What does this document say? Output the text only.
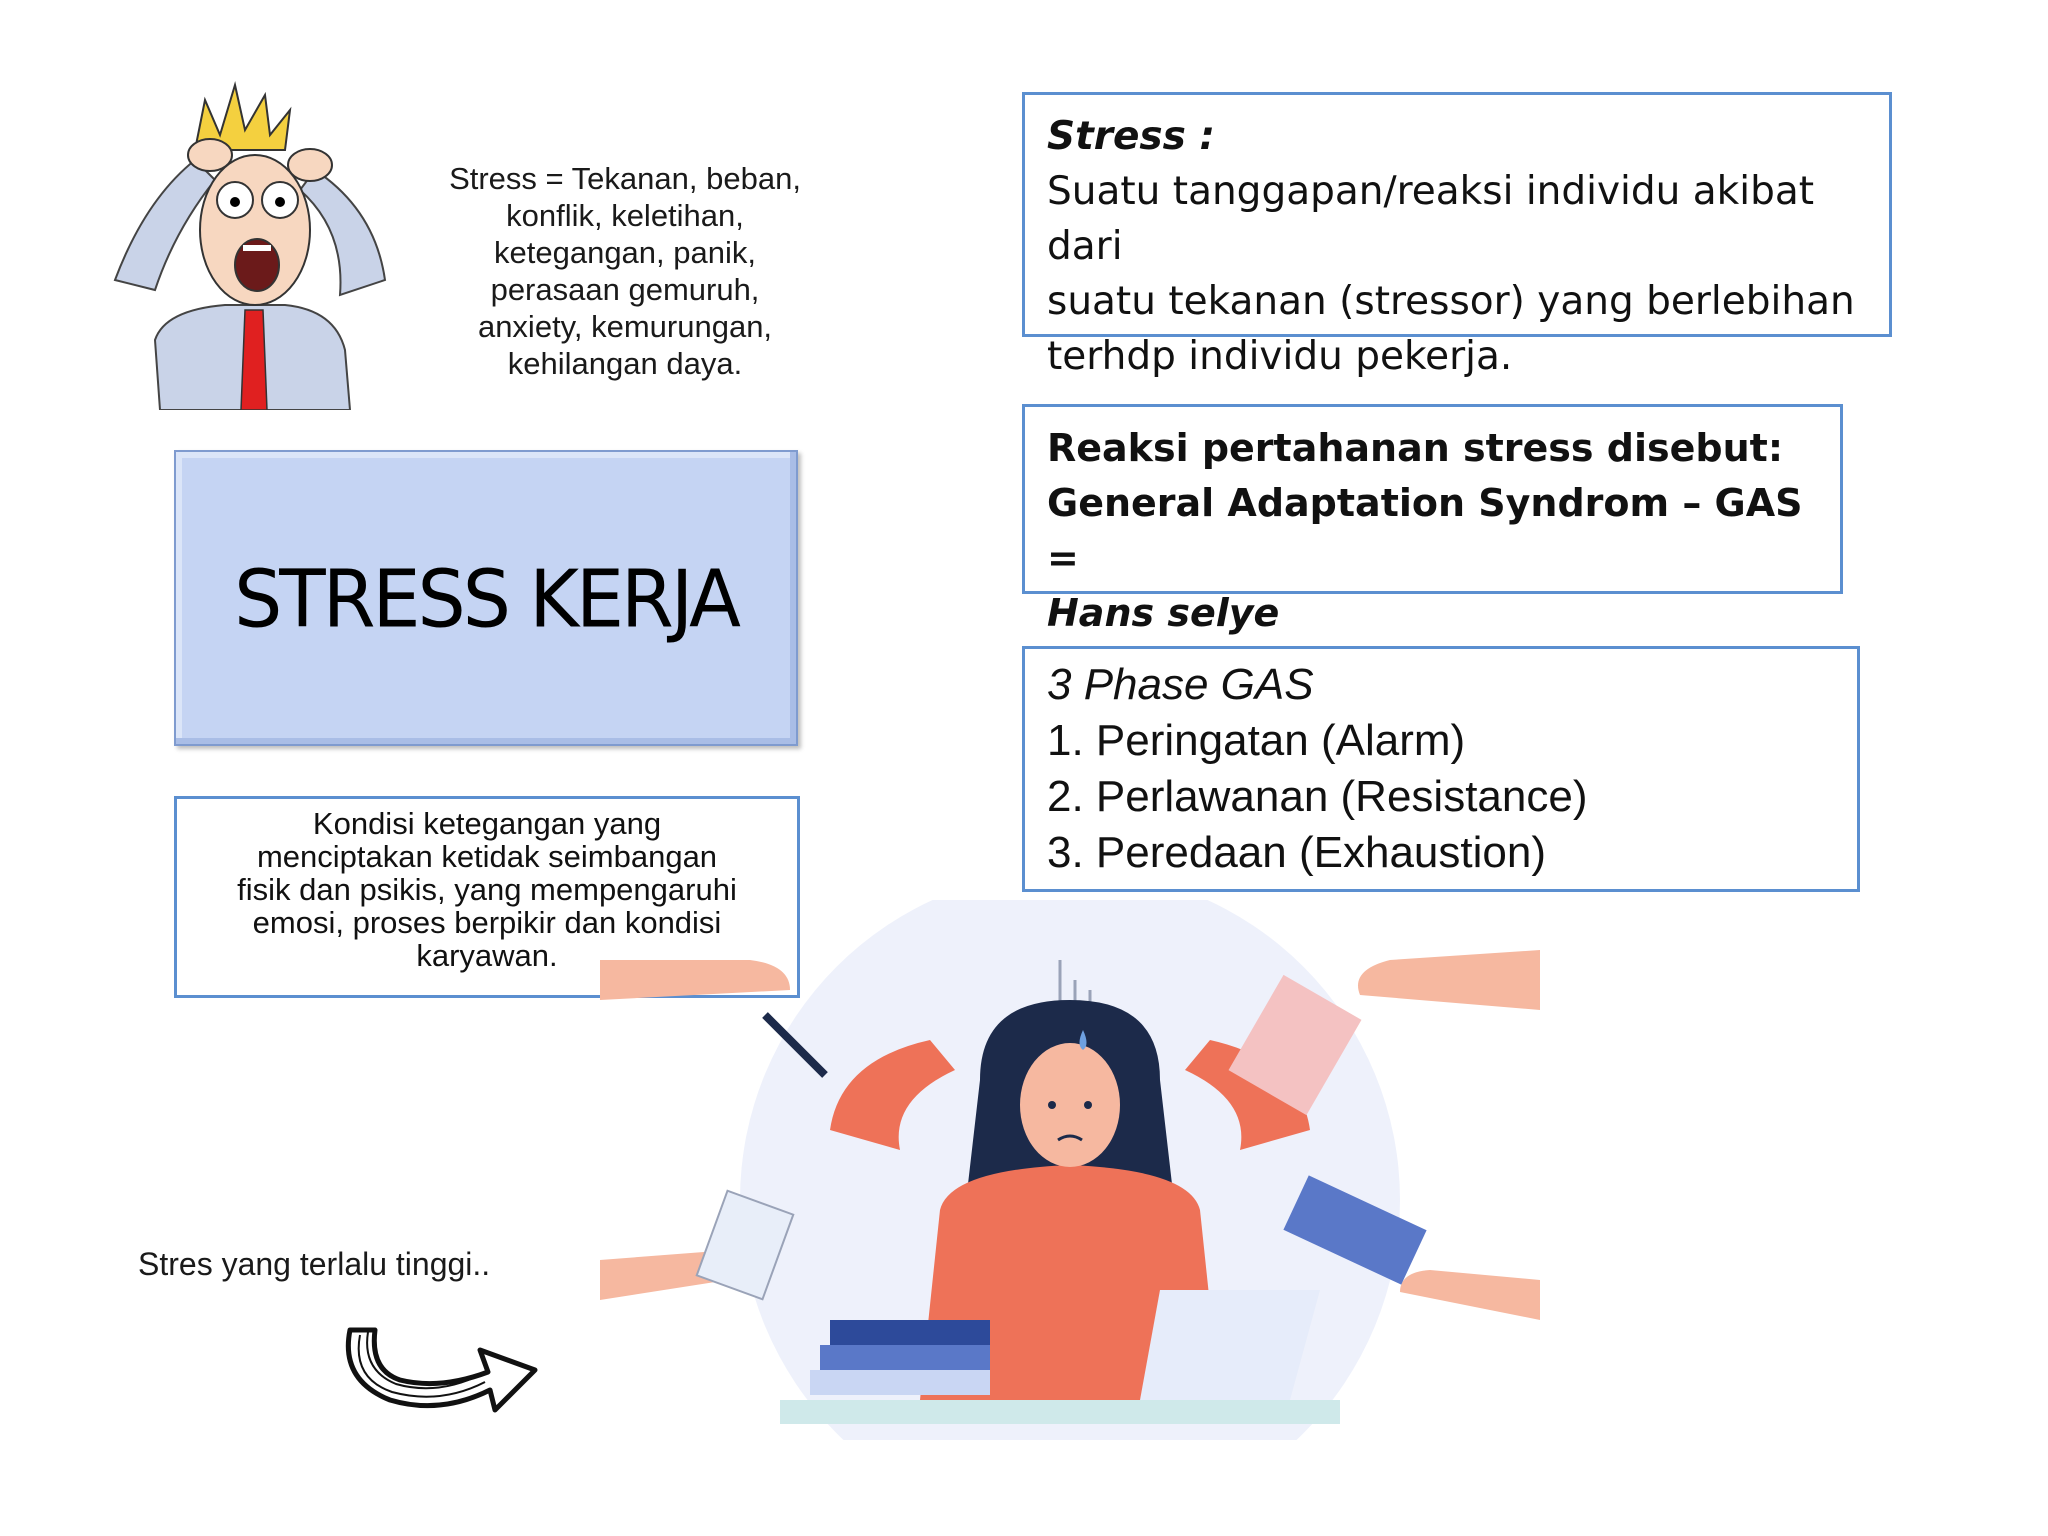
Stress = Tekanan, beban,
konflik, keletihan,
ketegangan, panik,
perasaan gemuruh,
anxiety, kemurungan,
kehilangan daya.
STRESS KERJA
Kondisi ketegangan yang
menciptakan ketidak seimbangan
fisik dan psikis, yang mempengaruhi
emosi, proses berpikir dan kondisi
karyawan.
Stress :
Suatu tanggapan/reaksi individu akibat dari
suatu tekanan (stressor) yang berlebihan
terhdp individu pekerja.
Reaksi pertahanan stress disebut:
General Adaptation Syndrom – GAS =
Hans selye
3 Phase GAS
1. Peringatan (Alarm)
2. Perlawanan (Resistance)
3. Peredaan (Exhaustion)
Stres yang terlalu tinggi..
